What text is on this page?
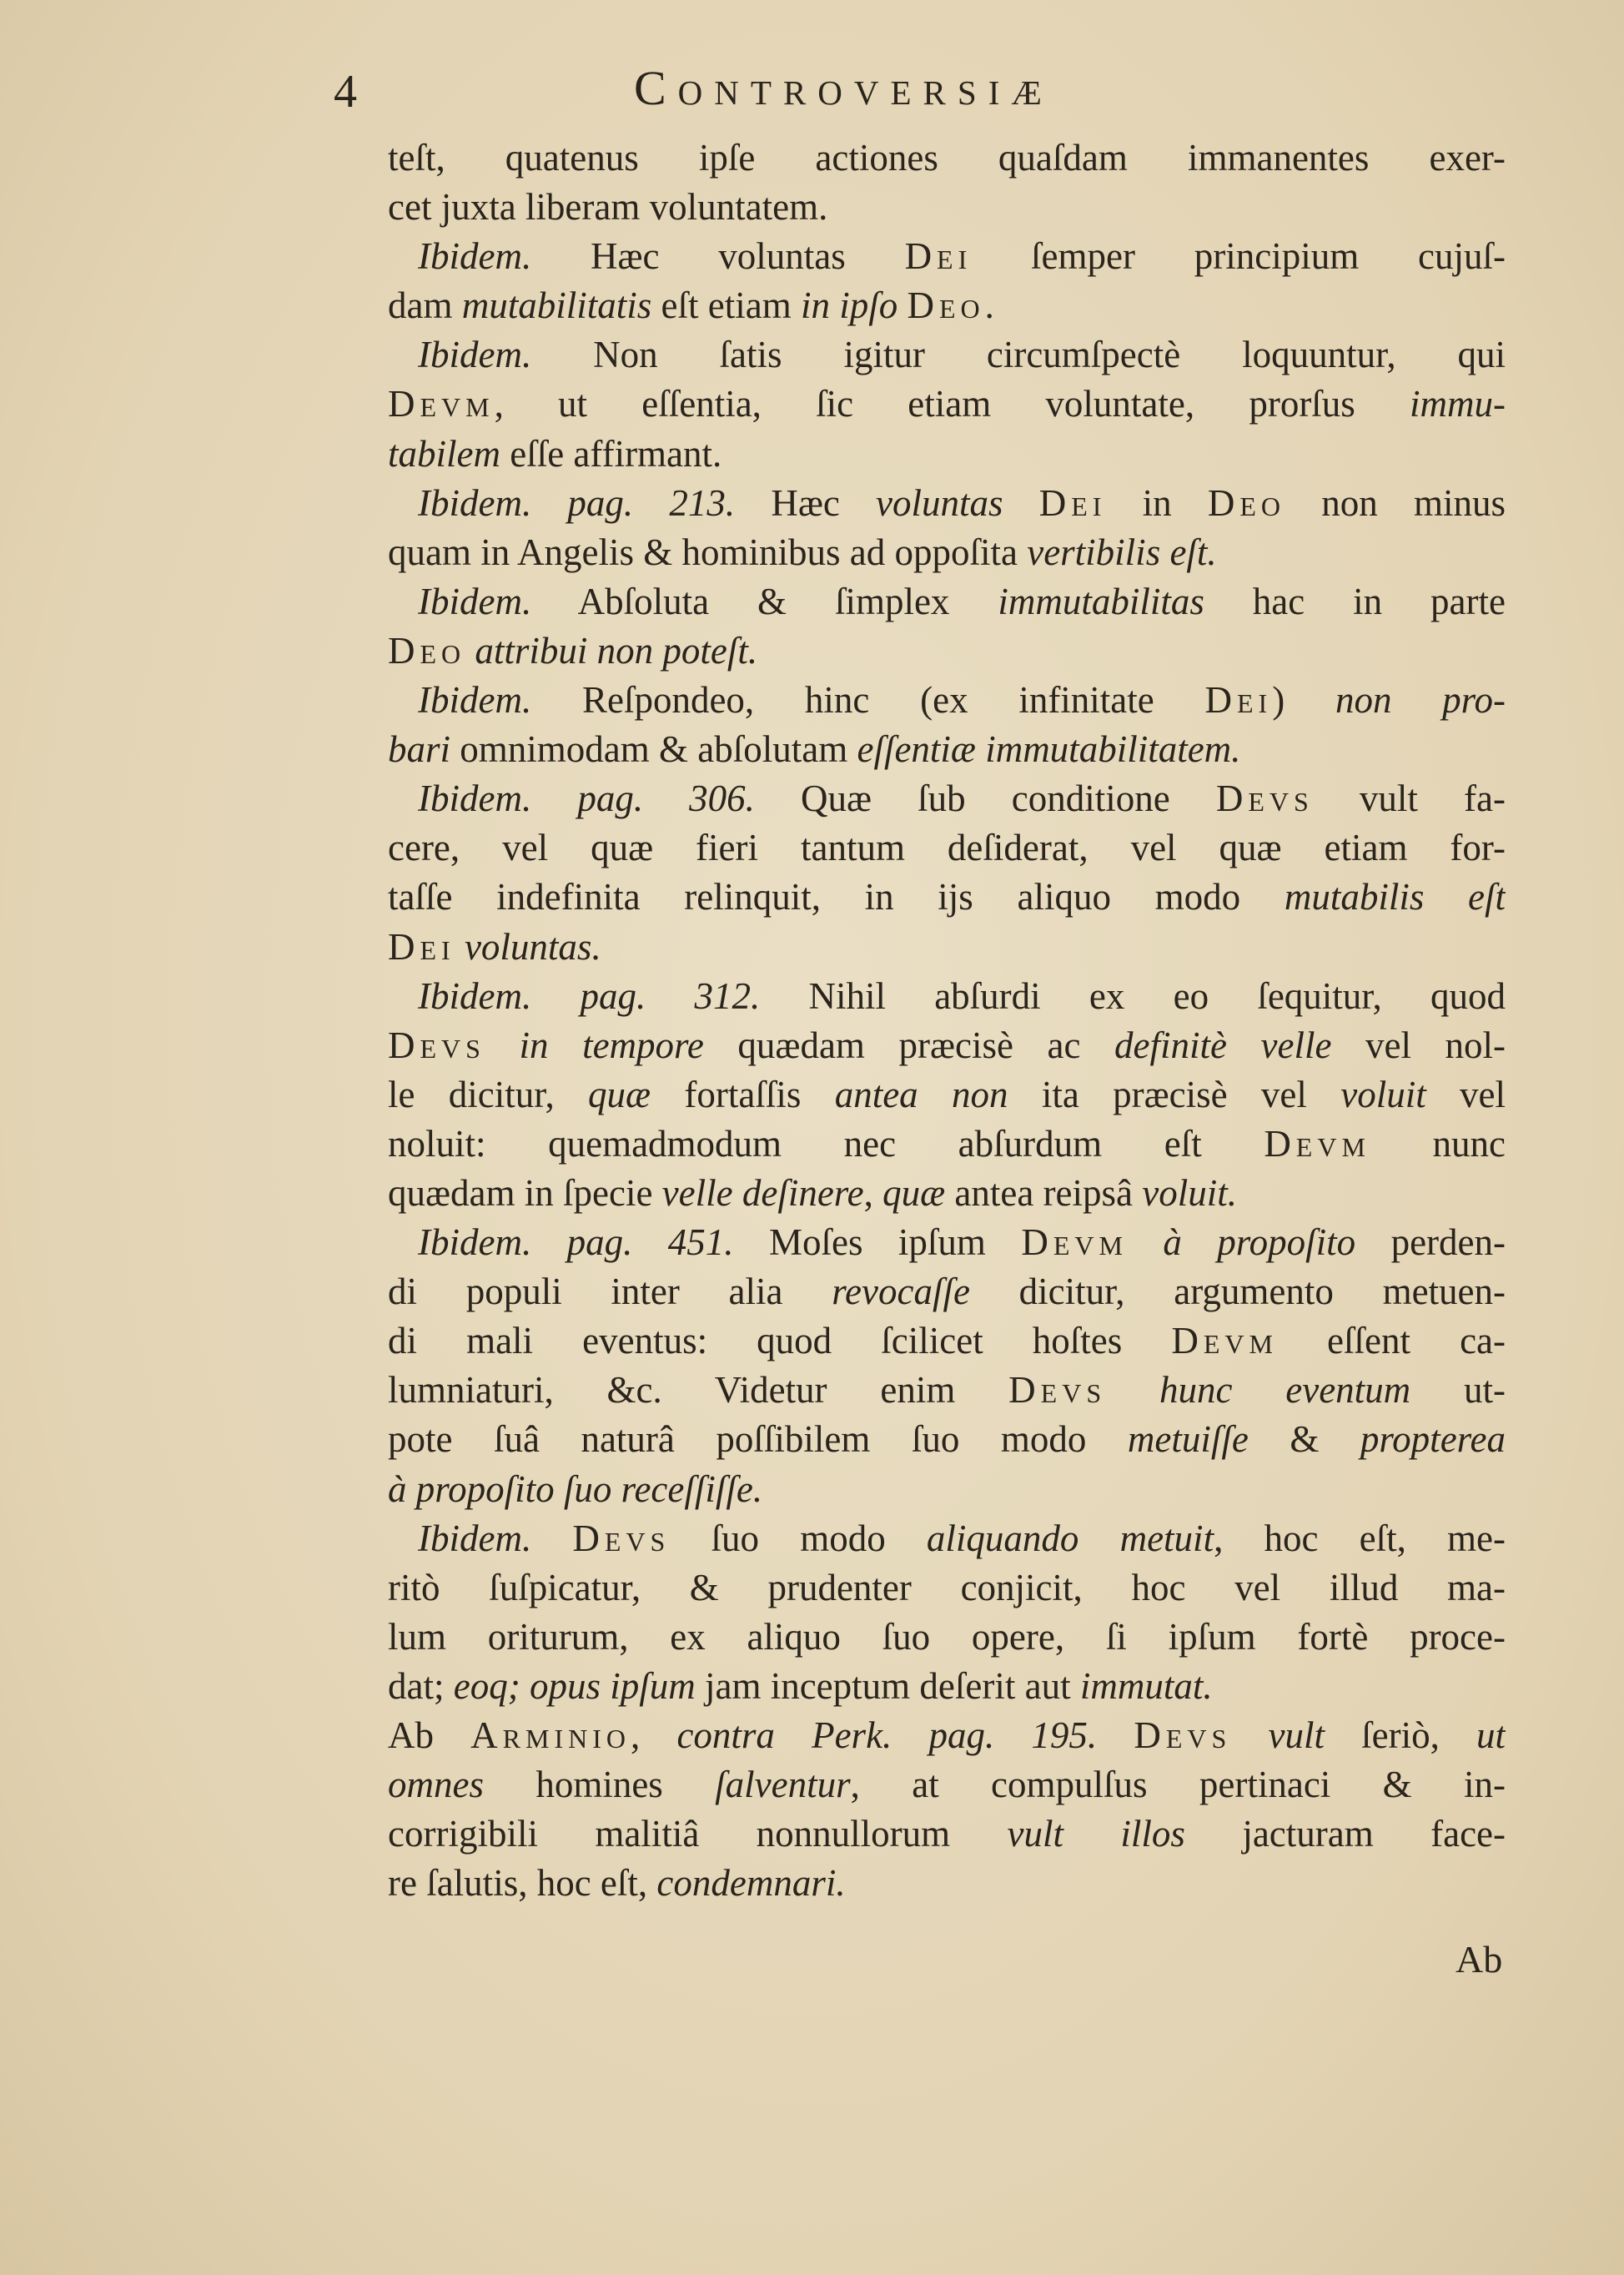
4	Controversiæ
teſt, quatenus ipſe actiones quaſdam immanentes exer-
cet juxta liberam voluntatem.
Ibidem. Hæc voluntas Dei ſemper principium cujuſ-
dam mutabilitatis eſt etiam in ipſo Deo.
Ibidem. Non ſatis igitur circumſpectè loquuntur, qui
Devm, ut eſſentia, ſic etiam voluntate, prorſus immu-
tabilem eſſe affirmant.
Ibidem. pag. 213. Hæc voluntas Dei in Deo non minus
quam in Angelis & hominibus ad oppoſita vertibilis eſt.
Ibidem. Abſoluta & ſimplex immutabilitas hac in parte
Deo attribui non poteſt.
Ibidem. Reſpondeo, hinc (ex infinitate Dei) non pro-
bari omnimodam & abſolutam eſſentiæ immutabilitatem.
Ibidem. pag. 306. Quæ ſub conditione Devs vult fa-
cere, vel quæ fieri tantum deſiderat, vel quæ etiam for-
taſſe indefinita relinquit, in ijs aliquo modo mutabilis eſt
Dei voluntas.
Ibidem. pag. 312. Nihil abſurdi ex eo ſequitur, quod
Devs in tempore quædam præcisè ac definitè velle vel nol-
le dicitur, quæ fortaſſis antea non ita præcisè vel voluit vel
noluit: quemadmodum nec abſurdum eſt Devm nunc
quædam in ſpecie velle deſinere, quæ antea reipsâ voluit.
Ibidem. pag. 451. Moſes ipſum Devm à propoſito perden-
di populi inter alia revocaſſe dicitur, argumento metuen-
di mali eventus: quod ſcilicet hoſtes Devm eſſent ca-
lumniaturi, &c. Videtur enim Devs hunc eventum ut-
pote ſuâ naturâ poſſibilem ſuo modo metuiſſe & propterea
à propoſito ſuo receſſiſſe.
Ibidem. Devs ſuo modo aliquando metuit, hoc eſt, me-
ritò ſuſpicatur, & prudenter conjicit, hoc vel illud ma-
lum oriturum, ex aliquo ſuo opere, ſi ipſum fortè proce-
dat; eoq; opus ipſum jam inceptum deſerit aut immutat.
Ab Arminio, contra Perk. pag. 195. Devs vult ſeriò, ut
omnes homines ſalventur, at compulſus pertinaci & in-
corrigibili malitiâ nonnullorum vult illos jacturam face-
re ſalutis, hoc eſt, condemnari.
Ab
